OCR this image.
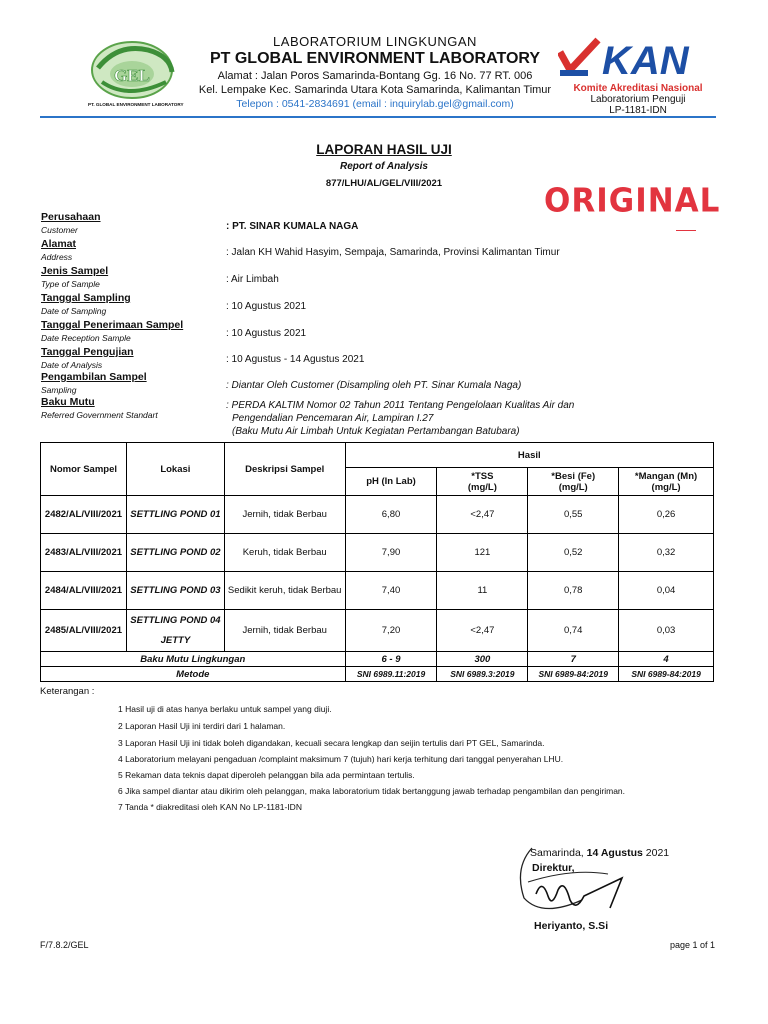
GEL
PT. GLOBAL ENVIRONMENT LABORATORY
LABORATORIUM LINGKUNGAN
PT GLOBAL ENVIRONMENT LABORATORY
Alamat : Jalan Poros Samarinda-Bontang Gg. 16 No. 77 RT. 006
Kel. Lempake Kec. Samarinda Utara Kota Samarinda, Kalimantan Timur
Telepon : 0541-2834691 (email : inquirylab.gel@gmail.com)
KAN
Komite Akreditasi Nasional
Laboratorium Penguji
LP-1181-IDN
LAPORAN HASIL UJI
Report of Analysis
877/LHU/AL/GEL/VIII/2021	ORIGINAL
Perusahaan
Customer	: PT. SINAR KUMALA NAGA
Alamat
Address	: Jalan KH Wahid Hasyim, Sempaja, Samarinda, Provinsi Kalimantan Timur
Jenis Sampel
Type of Sample	: Air Limbah
Tanggal Sampling
Date of Sampling	: 10 Agustus 2021
Tanggal Penerimaan Sampel
Date Reception Sample	: 10 Agustus 2021
Tanggal Pengujian
Date of Analysis	: 10 Agustus - 14 Agustus 2021
Pengambilan Sampel
Sampling	: Diantar Oleh Customer (Disampling oleh PT. Sinar Kumala Naga)
Baku Mutu
Referred Government Standart
: PERDA KALTIM Nomor 02 Tahun 2011 Tentang Pengelolaan Kualitas Air dan
Pengendalian Pencemaran Air, Lampiran I.27
(Baku Mutu Air Limbah Untuk Kegiatan Pertambangan Batubara)
Nomor Sampel	Lokasi	Deskripsi Sampel	Hasil			
			pH (In Lab)	*TSS
(mg/L)	*Besi (Fe)
(mg/L)	*Mangan (Mn)
(mg/L)
2482/AL/VIII/2021	SETTLING POND 01	Jernih, tidak Berbau	6,80	<2,47	0,55	0,26
2483/AL/VIII/2021	SETTLING POND 02	Keruh, tidak Berbau	7,90	121	0,52	0,32
2484/AL/VIII/2021	SETTLING POND 03	Sedikit keruh, tidak Berbau	7,40	11	0,78	0,04
2485/AL/VIII/2021	SETTLING POND 04
JETTY	Jernih, tidak Berbau	7,20	<2,47	0,74	0,03
Baku Mutu Lingkungan			6 - 9	300	7	4
Metode			SNI 6989.11:2019	SNI 6989.3:2019	SNI 6989-84:2019	SNI 6989-84:2019
Keterangan :
1 Hasil uji di atas hanya berlaku untuk sampel yang diuji.
2 Laporan Hasil Uji ini terdiri dari 1 halaman.
3 Laporan Hasil Uji ini tidak boleh digandakan, kecuali secara lengkap dan seijin tertulis dari PT GEL, Samarinda.
4 Laboratorium melayani pengaduan /complaint maksimum 7 (tujuh) hari kerja terhitung dari tanggal penyerahan LHU.
5 Rekaman data teknis dapat diperoleh pelanggan bila ada permintaan tertulis.
6 Jika sampel diantar atau dikirim oleh pelanggan, maka laboratorium tidak bertanggung jawab terhadap pengambilan dan pengiriman.
7 Tanda * diakreditasi oleh KAN No LP-1181-IDN
Samarinda, 14 Agustus 2021
Direktur,
Heriyanto, S.Si
F/7.8.2/GEL	page 1 of 1
